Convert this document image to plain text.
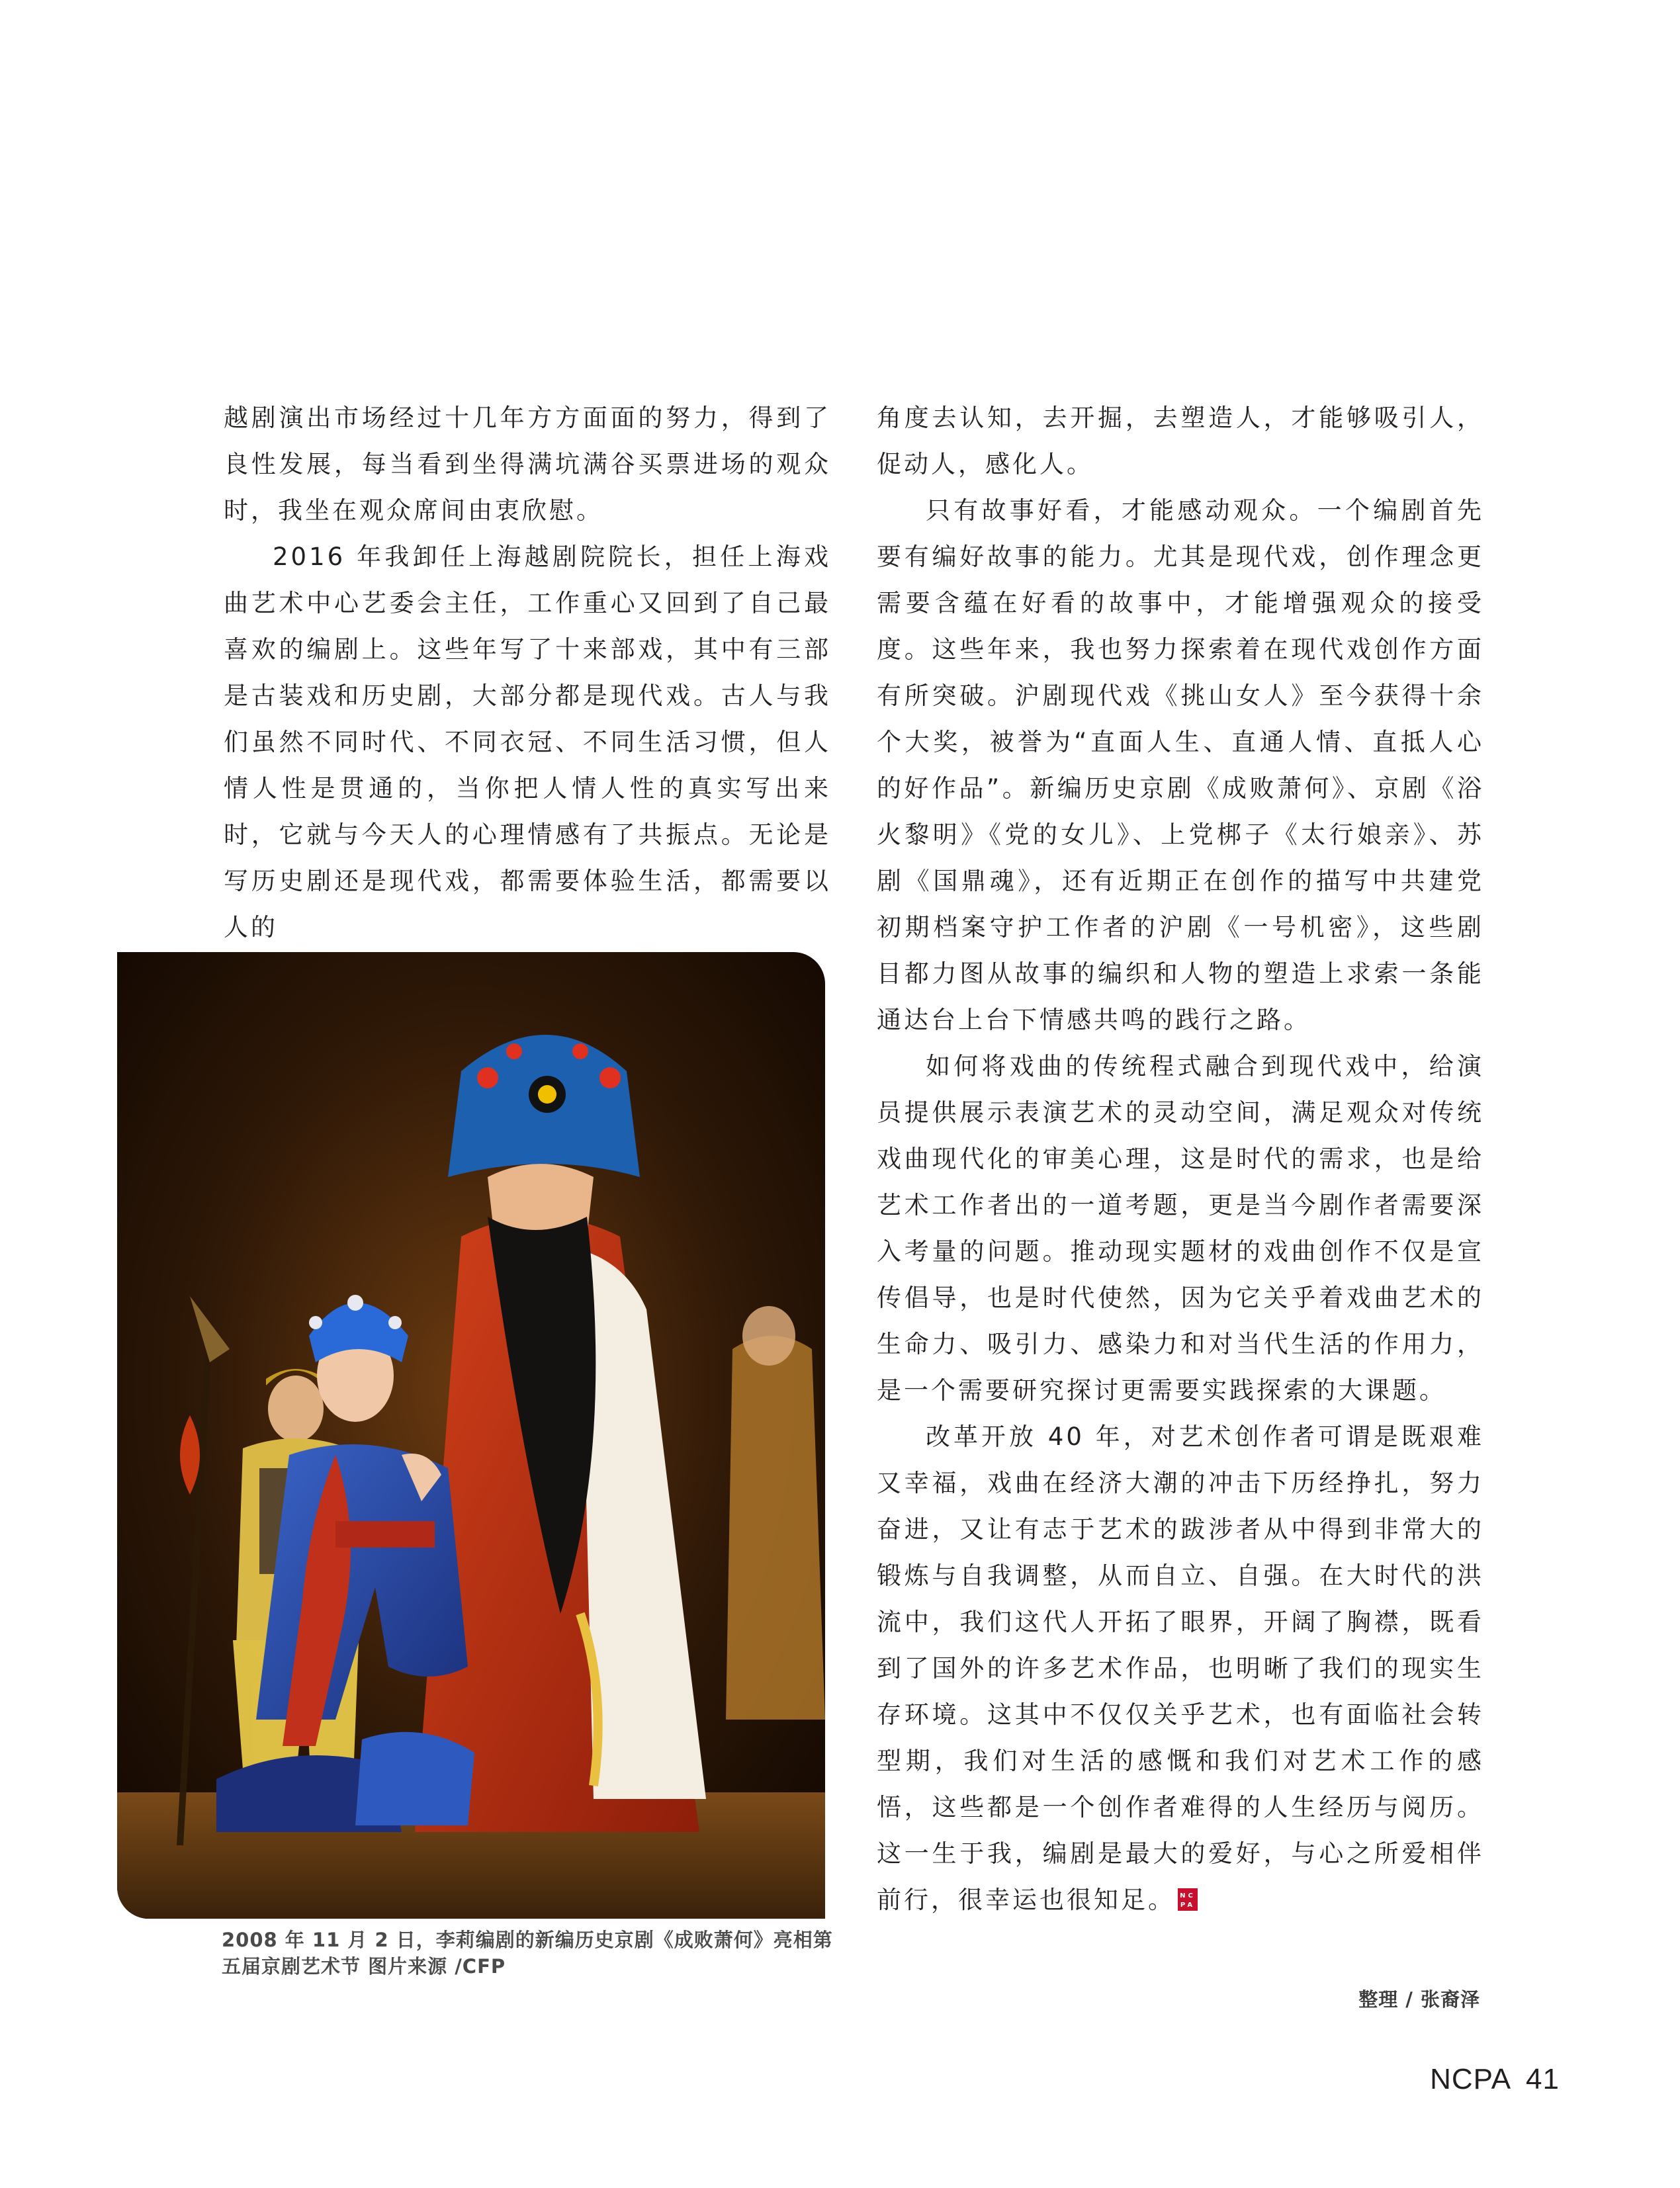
越剧演出市场经过十几年方方面面的努力，得到了良性发展，每当看到坐得满坑满谷买票进场的观众时，我坐在观众席间由衷欣慰。

2016 年我卸任上海越剧院院长，担任上海戏曲艺术中心艺委会主任，工作重心又回到了自己最喜欢的编剧上。这些年写了十来部戏，其中有三部是古装戏和历史剧，大部分都是现代戏。古人与我们虽然不同时代、不同衣冠、不同生活习惯，但人情人性是贯通的，当你把人情人性的真实写出来时，它就与今天人的心理情感有了共振点。无论是写历史剧还是现代戏，都需要体验生活，都需要以人的

角度去认知，去开掘，去塑造人，才能够吸引人，促动人，感化人。

只有故事好看，才能感动观众。一个编剧首先要有编好故事的能力。尤其是现代戏，创作理念更需要含蕴在好看的故事中，才能增强观众的接受度。这些年来，我也努力探索着在现代戏创作方面有所突破。沪剧现代戏《挑山女人》至今获得十余个大奖，被誉为“直面人生、直通人情、直抵人心的好作品”。新编历史京剧《成败萧何》、京剧《浴火黎明》《党的女儿》、上党梆子《太行娘亲》、苏剧《国鼎魂》，还有近期正在创作的描写中共建党初期档案守护工作者的沪剧《一号机密》，这些剧目都力图从故事的编织和人物的塑造上求索一条能通达台上台下情感共鸣的践行之路。

如何将戏曲的传统程式融合到现代戏中，给演员提供展示表演艺术的灵动空间，满足观众对传统戏曲现代化的审美心理，这是时代的需求，也是给艺术工作者出的一道考题，更是当今剧作者需要深入考量的问题。推动现实题材的戏曲创作不仅是宣传倡导，也是时代使然，因为它关乎着戏曲艺术的生命力、吸引力、感染力和对当代生活的作用力，是一个需要研究探讨更需要实践探索的大课题。

改革开放 40 年，对艺术创作者可谓是既艰难又幸福，戏曲在经济大潮的冲击下历经挣扎，努力奋进，又让有志于艺术的跋涉者从中得到非常大的锻炼与自我调整，从而自立、自强。在大时代的洪流中，我们这代人开拓了眼界，开阔了胸襟，既看到了国外的许多艺术作品，也明晰了我们的现实生存环境。这其中不仅仅关乎艺术，也有面临社会转型期，我们对生活的感慨和我们对艺术工作的感悟，这些都是一个创作者难得的人生经历与阅历。这一生于我，编剧是最大的爱好，与心之所爱相伴前行，很幸运也很知足。 NC
PA

2008 年 11 月 2 日，李莉编剧的新编历史京剧《成败萧何》亮相第五届京剧艺术节 图片来源 /CFP
整理 / 张裔泽
NCPA 41
